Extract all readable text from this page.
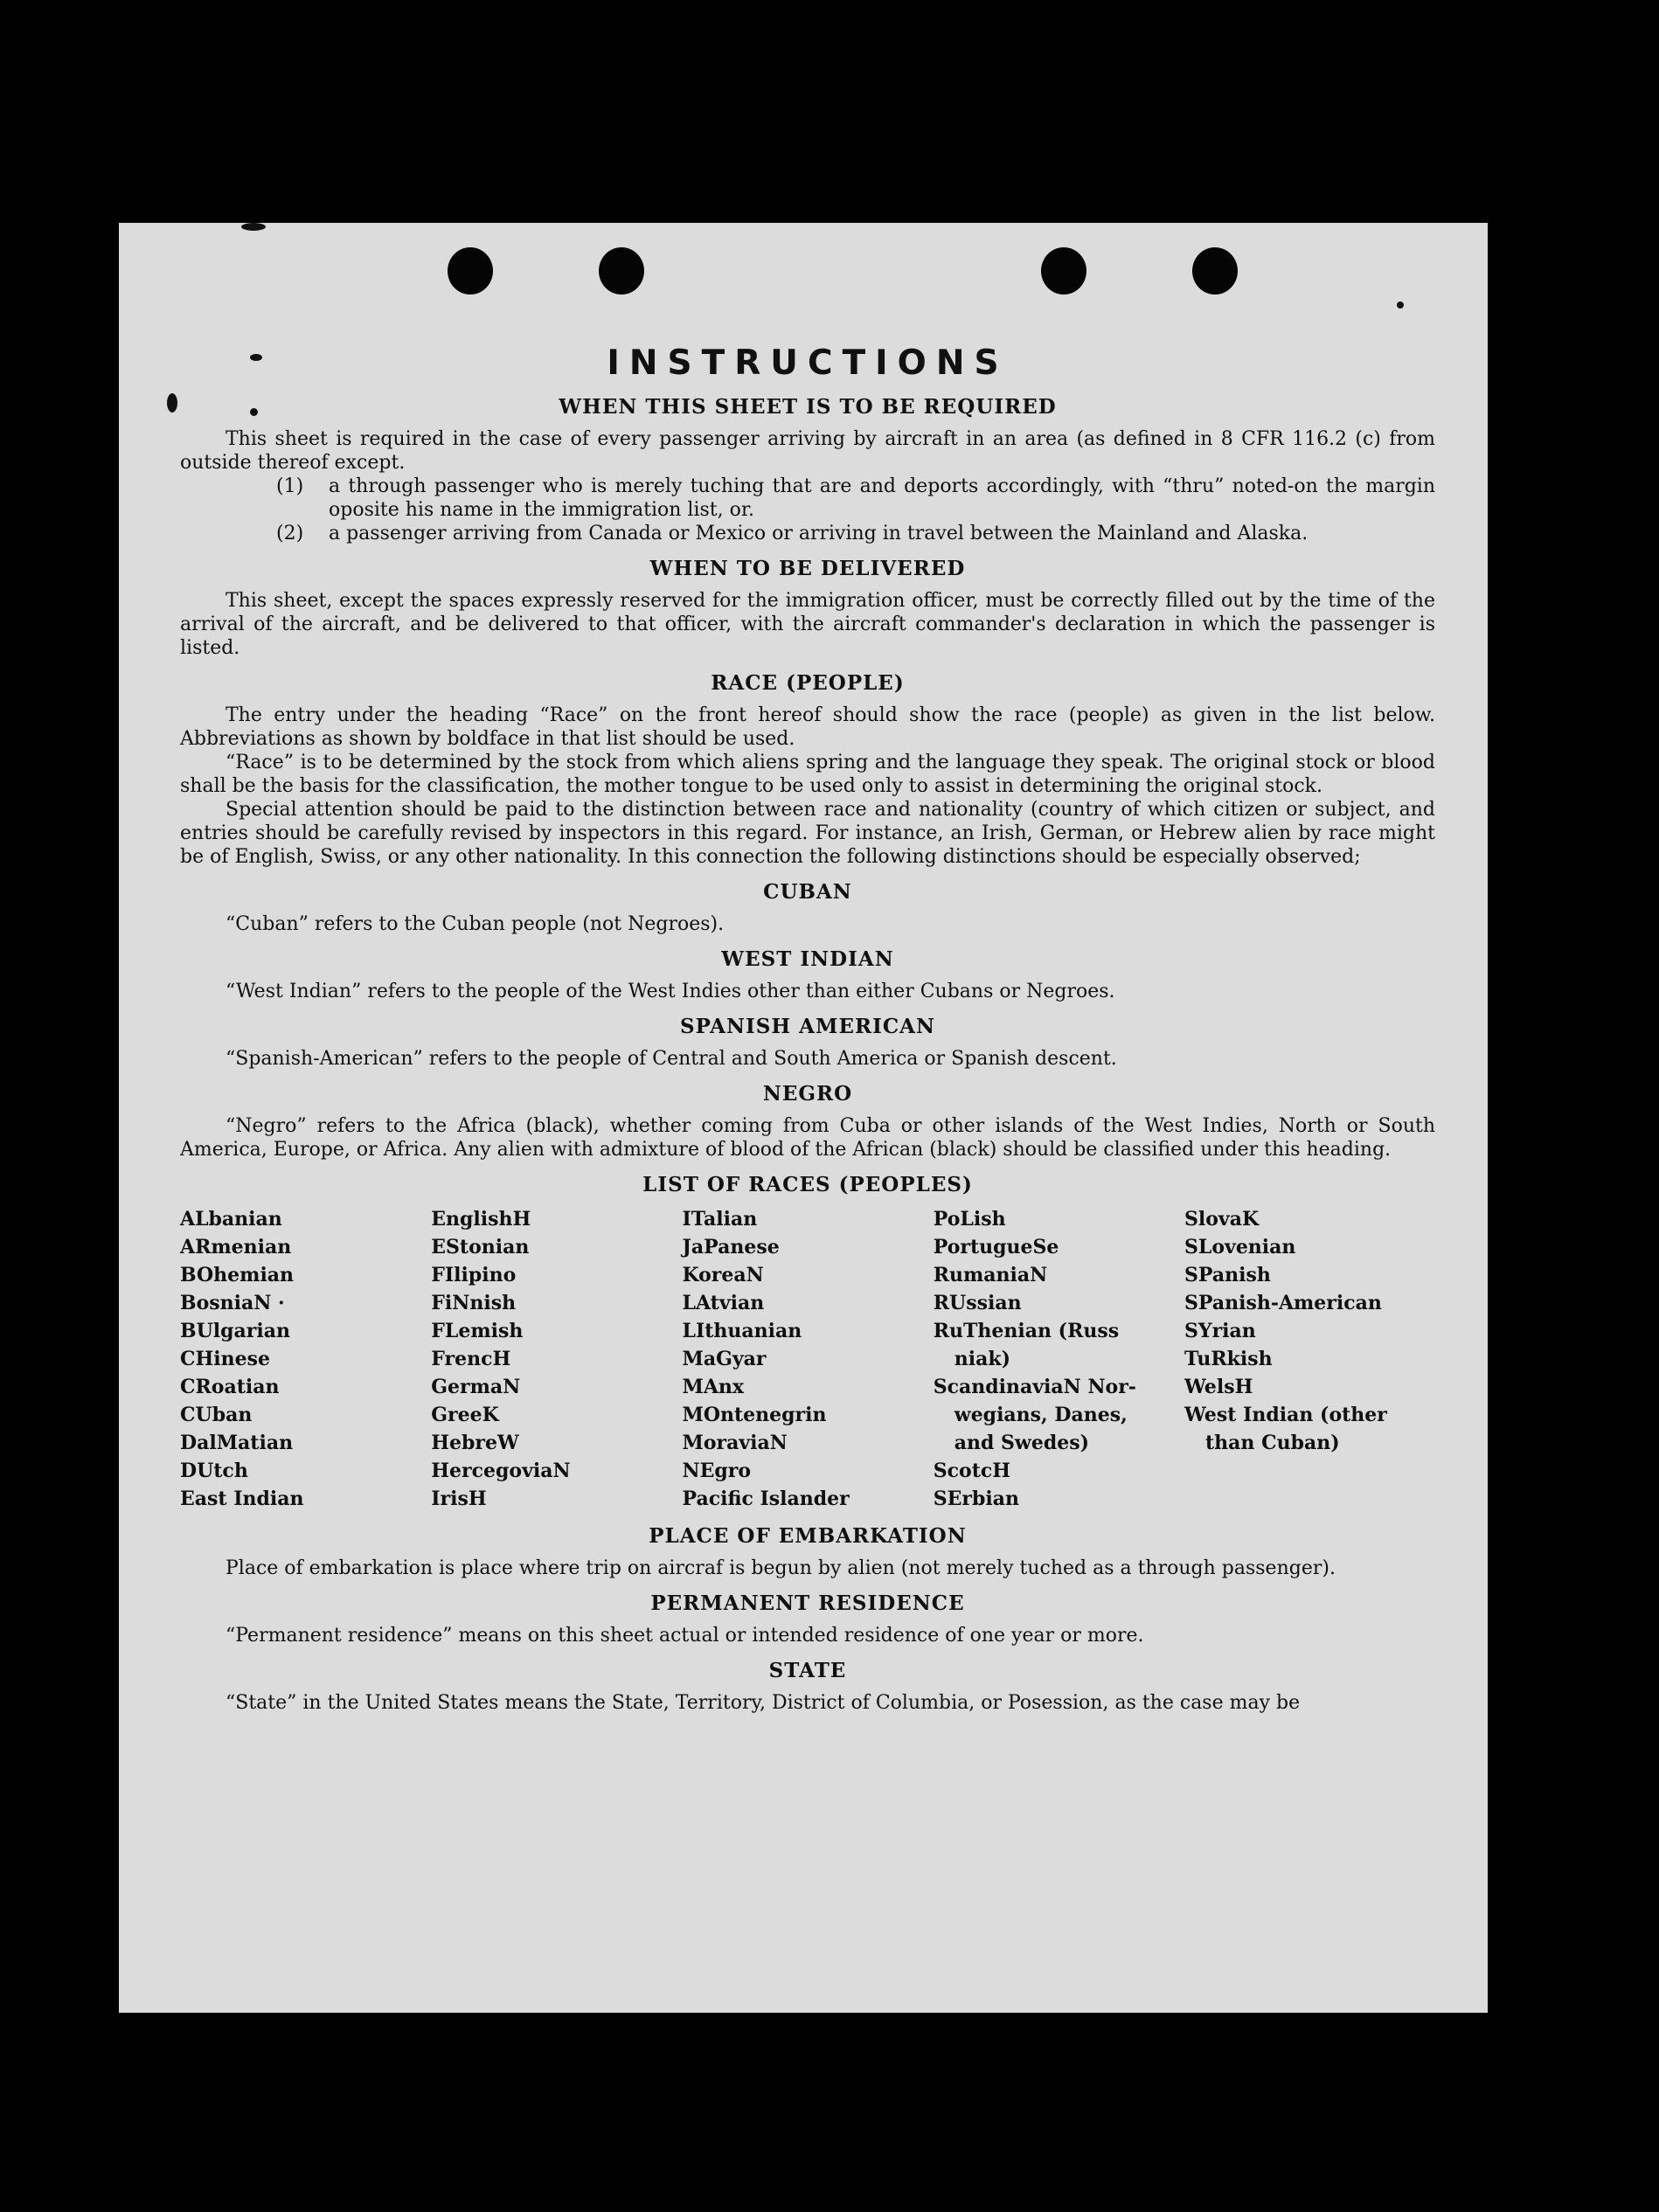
INSTRUCTIONS
WHEN THIS SHEET IS TO BE REQUIRED

This sheet is required in the case of every passenger arriving by aircraft in an area (as defined in 8 CFR 116.2 (c) from outside thereof except.

(1)	a through passenger who is merely tuching that are and deports accordingly, with “thru” noted-on the margin oposite his name in the immigration list, or.
(2)	a passenger arriving from Canada or Mexico or arriving in travel between the Mainland and Alaska.
WHEN TO BE DELIVERED

This sheet, except the spaces expressly reserved for the immigration officer, must be correctly filled out by the time of the arrival of the aircraft, and be delivered to that officer, with the aircraft commander's declaration in which the passenger is listed.

RACE (PEOPLE)

The entry under the heading “Race” on the front hereof should show the race (people) as given in the list below. Abbreviations as shown by boldface in that list should be used.

“Race” is to be determined by the stock from which aliens spring and the language they speak. The original stock or blood shall be the basis for the classification, the mother tongue to be used only to assist in determining the original stock.

Special attention should be paid to the distinction between race and nationality (country of which citizen or subject, and entries should be carefully revised by inspectors in this regard. For instance, an Irish, German, or Hebrew alien by race might be of English, Swiss, or any other nationality. In this connection the following distinctions should be especially observed;

CUBAN

“Cuban” refers to the Cuban people (not Negroes).

WEST INDIAN

“West Indian” refers to the people of the West Indies other than either Cubans or Negroes.

SPANISH AMERICAN

“Spanish-American” refers to the people of Central and South America or Spanish descent.

NEGRO

“Negro” refers to the Africa (black), whether coming from Cuba or other islands of the West Indies, North or South America, Europe, or Africa. Any alien with admixture of blood of the African (black) should be classified under this heading.

LIST OF RACES (PEOPLES)
ALbanian
ARmenian
BOhemian
BosniaN ·
BUlgarian
CHinese
CRoatian
CUban
DalMatian
DUtch
East Indian
EnglishH
EStonian
FIlipino
FiNnish
FLemish
FrencH
GermaN
GreeK
HebreW
HercegoviaN
IrisH
ITalian
JaPanese
KoreaN
LAtvian
LIthuanian
MaGyar
MAnx
MOntenegrin
MoraviaN
NEgro
Pacific Islander
PoLish
PortugueSe
RumaniaN
RUssian
RuThenian (Russ
niak)
ScandinaviaN Nor-
wegians, Danes,
and Swedes)
ScotcH
SErbian
SlovaK
SLovenian
SPanish
SPanish-American
SYrian
TuRkish
WelsH
West Indian (other
than Cuban)
PLACE OF EMBARKATION

Place of embarkation is place where trip on aircraf is begun by alien (not merely tuched as a through passenger).

PERMANENT RESIDENCE

“Permanent residence” means on this sheet actual or intended residence of one year or more.

STATE

“State” in the United States means the State, Territory, District of Columbia, or Posession, as the case may be
